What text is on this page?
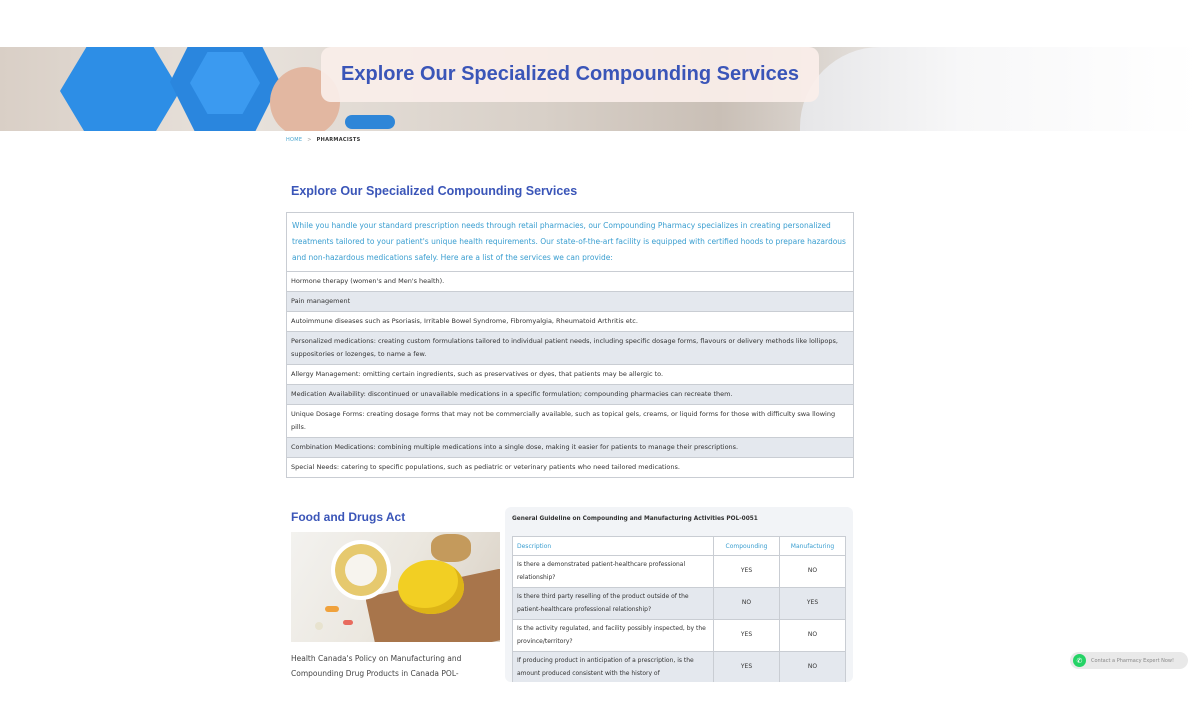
Explore Our Specialized Compounding Services
HOME > PHARMACISTS
Explore Our Specialized Compounding Services
While you handle your standard prescription needs through retail pharmacies, our Compounding Pharmacy specializes in creating personalized treatments tailored to your patient's unique health requirements. Our state-of-the-art facility is equipped with certified hoods to prepare hazardous and non-hazardous medications safely. Here are a list of the services we can provide:
Hormone therapy (women's and Men's health).
Pain management
Autoimmune diseases such as Psoriasis, Irritable Bowel Syndrome, Fibromyalgia, Rheumatoid Arthritis etc.
Personalized medications: creating custom formulations tailored to individual patient needs, including specific dosage forms, flavours or delivery methods like lollipops, suppositories or lozenges, to name a few.
Allergy Management: omitting certain ingredients, such as preservatives or dyes, that patients may be allergic to.
Medication Availability: discontinued or unavailable medications in a specific formulation; compounding pharmacies can recreate them.
Unique Dosage Forms: creating dosage forms that may not be commercially available, such as topical gels, creams, or liquid forms for those with difficulty swa llowing pills.
Combination Medications: combining multiple medications into a single dose, making it easier for patients to manage their prescriptions.
Special Needs: catering to specific populations, such as pediatric or veterinary patients who need tailored medications.
Food and Drugs Act

Health Canada's Policy on Manufacturing and Compounding Drug Products in Canada POL-

General Guideline on Compounding and Manufacturing Activities POL-0051
Description	Compounding	Manufacturing
Is there a demonstrated patient-healthcare professional relationship?	YES	NO
Is there third party reselling of the product outside of the patient-healthcare professional relationship?	NO	YES
Is the activity regulated, and facility possibly inspected, by the province/territory?	YES	NO
If producing product in anticipation of a prescription, is the amount produced consistent with the history of	YES	NO
✆	Contact a Pharmacy Expert Now!
